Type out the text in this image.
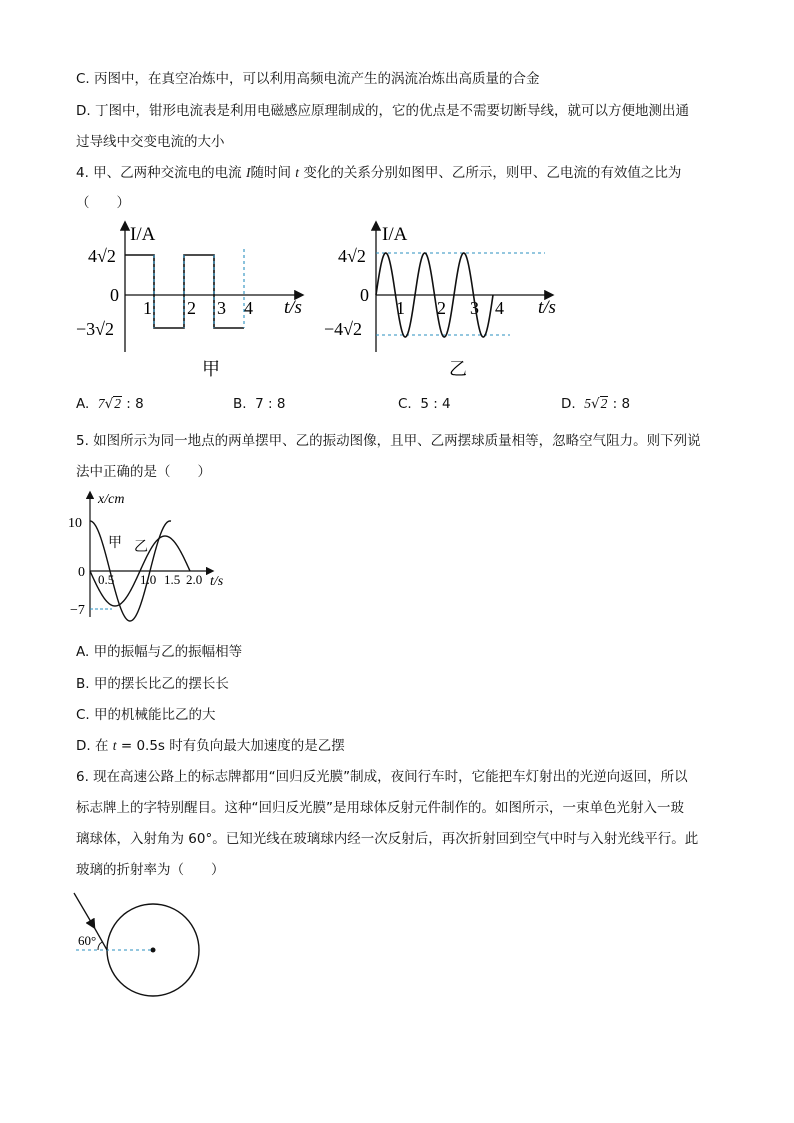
C. 丙图中，在真空冶炼中，可以利用高频电流产生的涡流冶炼出高质量的合金
D. 丁图中，钳形电流表是利用电磁感应原理制成的，它的优点是不需要切断导线，就可以方便地测出通
过导线中交变电流的大小
4. 甲、乙两种交流电的电流 I随时间 t 变化的关系分别如图甲、乙所示，则甲、乙电流的有效值之比为
（　　）
I/A
t/s
4√2
−3√2
0
1 2 3 4
甲
I/A
t/s
4√2
−4√2
0
1 2 3 4
乙
A. 7√2 : 8	B. 7 : 8	C. 5 : 4	D. 5√2 : 8
5. 如图所示为同一地点的两单摆甲、乙的振动图像，且甲、乙两摆球质量相等，忽略空气阻力。则下列说
法中正确的是（　　）
x/cm
t/s
10
0
−7
0.5 1.0 1.5 2.0
甲 乙
A. 甲的振幅与乙的振幅相等
B. 甲的摆长比乙的摆长长
C. 甲的机械能比乙的大
D. 在 t = 0.5s 时有负向最大加速度的是乙摆
6. 现在高速公路上的标志牌都用“回归反光膜”制成，夜间行车时，它能把车灯射出的光逆向返回，所以
标志牌上的字特别醒目。这种“回归反光膜”是用球体反射元件制作的。如图所示，一束单色光射入一玻
璃球体，入射角为 60°。已知光线在玻璃球内经一次反射后，再次折射回到空气中时与入射光线平行。此
玻璃的折射率为（　　）
60°
